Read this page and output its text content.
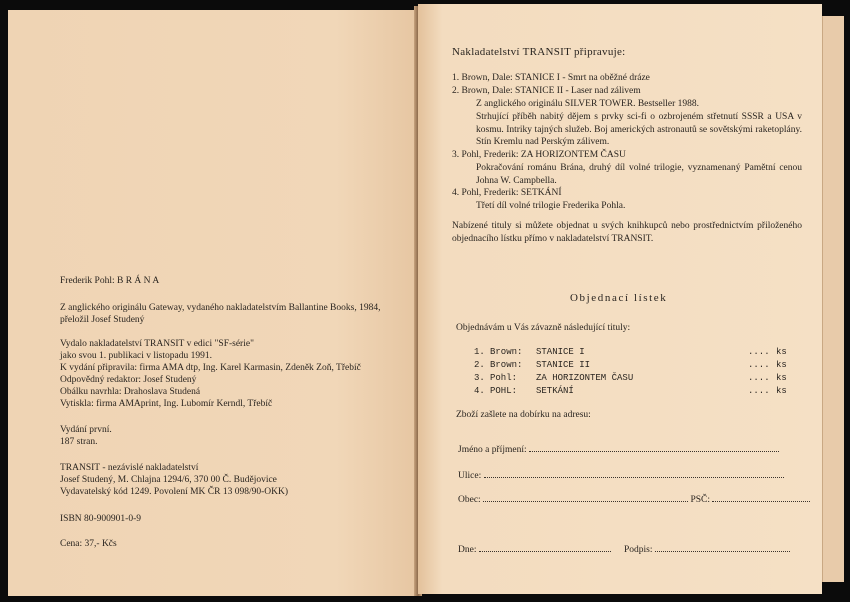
Frederik Pohl: B R Á N A
Z anglického originálu Gateway, vydaného nakladatelstvím Ballantine Books, 1984,
přeložil Josef Studený
Vydalo nakladatelství TRANSIT v edici "SF-série"
jako svou 1. publikaci v listopadu 1991.
K vydání připravila: firma AMA dtp, Ing. Karel Karmasin, Zdeněk Zoň, Třebíč
Odpovědný redaktor: Josef Studený
Obálku navrhla: Drahoslava Studená
Vytiskla: firma AMAprint, Ing. Lubomír Kerndl, Třebíč
Vydání první.
187 stran.
TRANSIT - nezávislé nakladatelství
Josef Studený, M. Chlajna 1294/6, 370 00 Č. Budějovice
Vydavatelský kód 1249. Povolení MK ČR 13 098/90-OKK)
ISBN 80-900901-0-9
Cena: 37,- Kčs
Nakladatelství TRANSIT připravuje:
1. Brown, Dale: STANICE I - Smrt na oběžné dráze
2. Brown, Dale: STANICE II - Laser nad zálivem
Z anglického originálu SILVER TOWER. Bestseller 1988.
Strhující příběh nabitý dějem s prvky sci-fi o ozbrojeném střetnutí SSSR a USA v kosmu. Intriky tajných služeb. Boj amerických astronautů se sovětskými raketoplány. Stín Kremlu nad Perským zálivem.
3. Pohl, Frederik: ZA HORIZONTEM ČASU
Pokračování románu Brána, druhý díl volné trilogie, vyznamenaný Pamětní cenou Johna W. Campbella.
4. Pohl, Frederik: SETKÁNÍ
Třetí díl volné trilogie Frederika Pohla.
Nabízené tituly si můžete objednat u svých knihkupců nebo prostřednictvím přiloženého objednacího lístku přímo v nakladatelství TRANSIT.
Objednací lístek
Objednávám u Vás závazně následující tituly:
1. Brown: STANICE I	.... ks
2. Brown: STANICE II	.... ks
3. Pohl: ZA HORIZONTEM ČASU	.... ks
4. POHL: SETKÁNÍ	.... ks
Zboží zašlete na dobírku na adresu:
Jméno a příjmení:
Ulice:
Obec:	PSČ:
Dne:	Podpis:
